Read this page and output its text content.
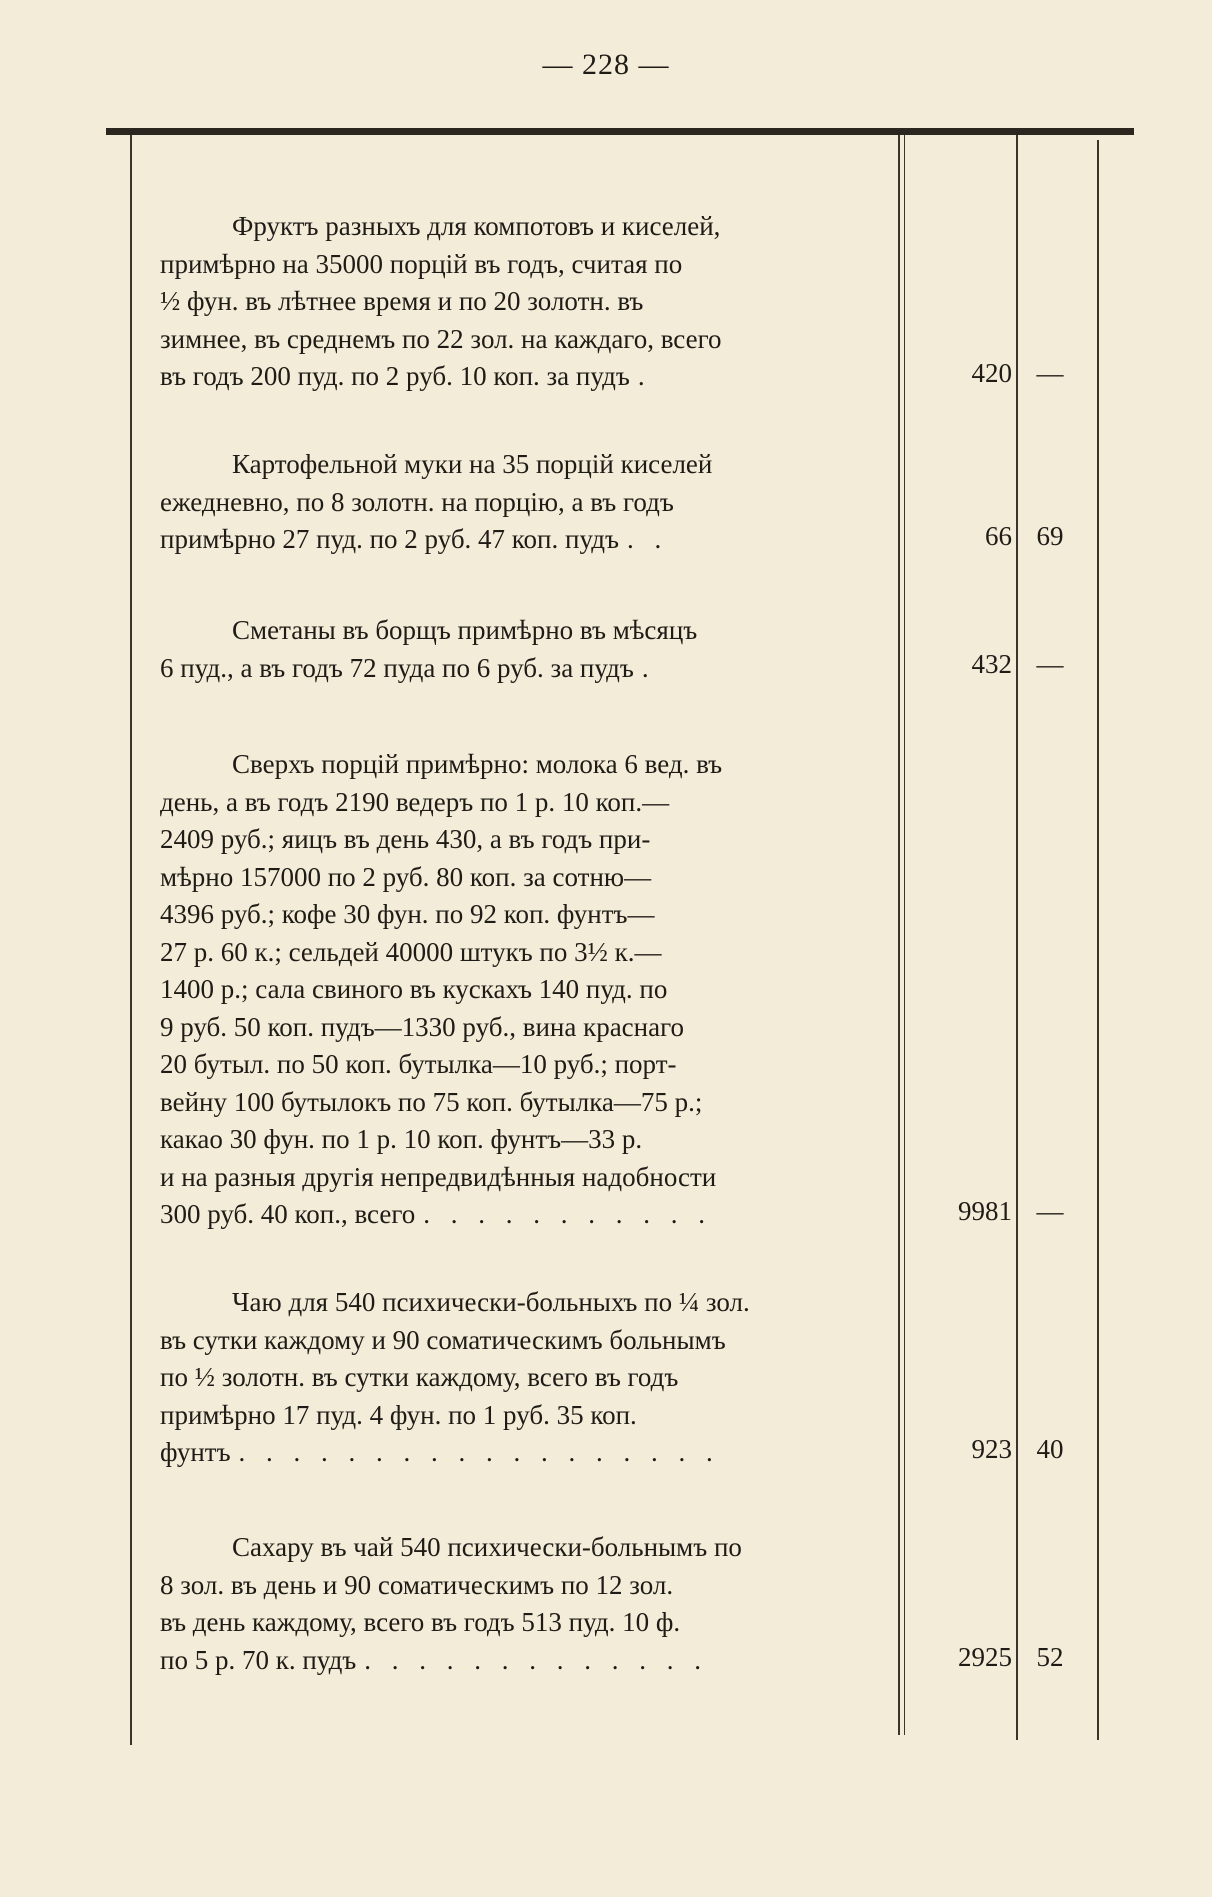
— 228 —

Фруктъ разныхъ для компотовъ и киселей,

примѣрно на 35000 порцій въ годъ, считая по

½ фун. въ лѣтнее время и по 20 золотн. въ

зимнее, въ среднемъ по 22 зол. на каждаго, всего

въ годъ 200 пуд. по 2 руб. 10 коп. за пудъ .	420 —

Картофельной муки на 35 порцій киселей

ежедневно, по 8 золотн. на порцію, а въ годъ

примѣрно 27 пуд. по 2 руб. 47 коп. пудъ . .	66 69

Сметаны въ борщъ примѣрно въ мѣсяцъ

6 пуд., а въ годъ 72 пуда по 6 руб. за пудъ .	432 —

Сверхъ порцій примѣрно: молока 6 вед. въ

день, а въ годъ 2190 ведеръ по 1 р. 10 коп.—

2409 руб.; яицъ въ день 430, а въ годъ при-

мѣрно 157000 по 2 руб. 80 коп. за сотню—

4396 руб.; кофе 30 фун. по 92 коп. фунтъ—

27 р. 60 к.; сельдей 40000 штукъ по 3½ к.—

1400 р.; сала свиного въ кускахъ 140 пуд. по

9 руб. 50 коп. пудъ—1330 руб., вина краснаго

20 бутыл. по 50 коп. бутылка—10 руб.; порт-

вейну 100 бутылокъ по 75 коп. бутылка—75 р.;

какао 30 фун. по 1 р. 10 коп. фунтъ—33 р.

и на разныя другія непредвидѣнныя надобности

300 руб. 40 коп., всего . . . . . . . . . . .	9981 —

Чаю для 540 психически-больныхъ по ¼ зол.

въ сутки каждому и 90 соматическимъ больнымъ

по ½ золотн. въ сутки каждому, всего въ годъ

примѣрно 17 пуд. 4 фун. по 1 руб. 35 коп.

фунтъ . . . . . . . . . . . . . . . . . .	923 40

Сахару въ чай 540 психически-больнымъ по

8 зол. въ день и 90 соматическимъ по 12 зол.

въ день каждому, всего въ годъ 513 пуд. 10 ф.

по 5 р. 70 к. пудъ . . . . . . . . . . . . .	2925 52
